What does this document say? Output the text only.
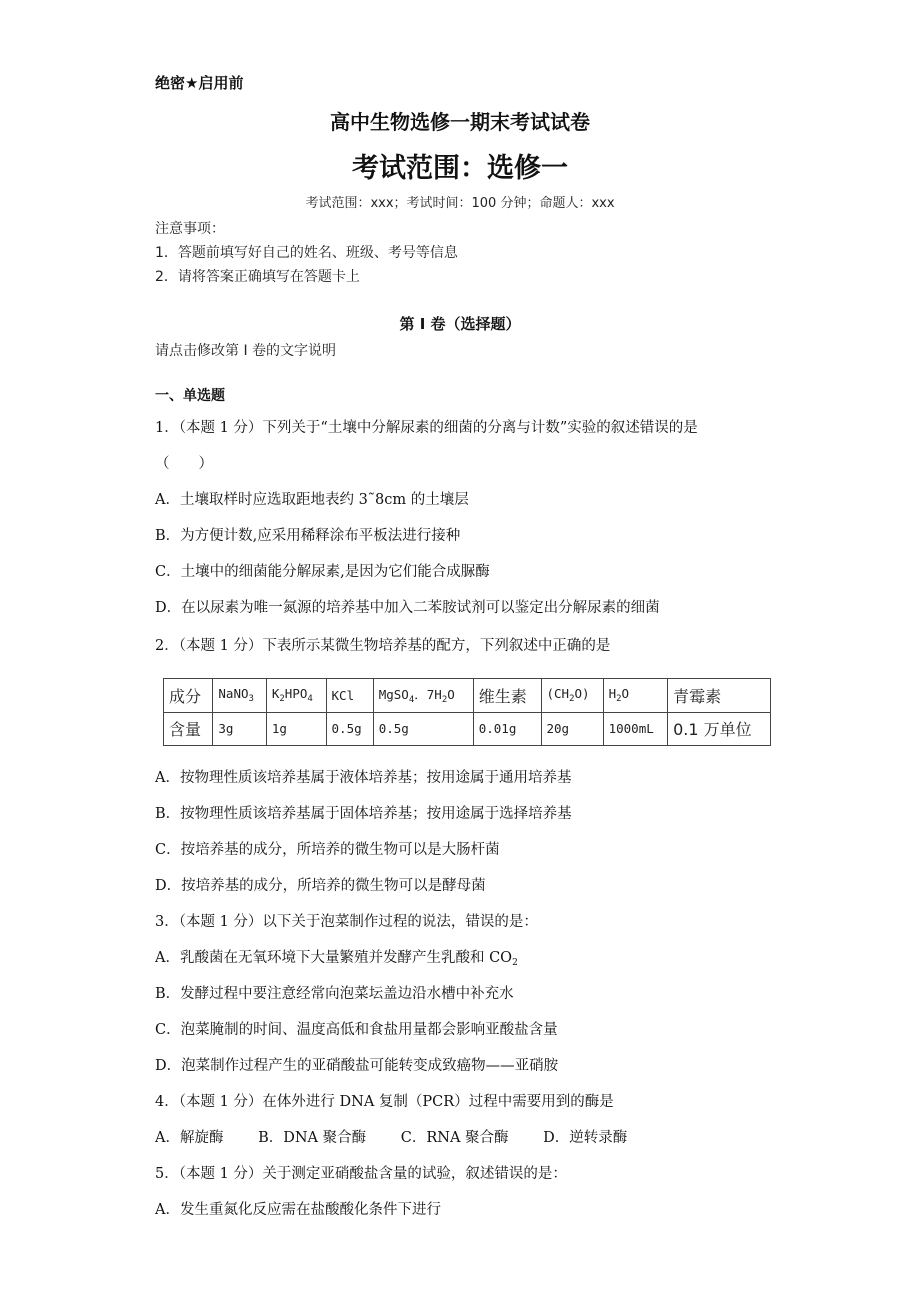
绝密★启用前
高中生物选修一期末考试试卷
考试范围：选修一
考试范围：xxx；考试时间：100 分钟；命题人：xxx
注意事项：
1．答题前填写好自己的姓名、班级、考号等信息
2．请将答案正确填写在答题卡上
第 I 卷（选择题）
请点击修改第 I 卷的文字说明
一、单选题
1．（本题 1 分）下列关于“土壤中分解尿素的细菌的分离与计数”实验的叙述错误的是
（　　）
A．土壤取样时应选取距地表约 3˜8cm 的土壤层
B．为方便计数,应采用稀释涂布平板法进行接种
C．土壤中的细菌能分解尿素,是因为它们能合成脲酶
D．在以尿素为唯一氮源的培养基中加入二苯胺试剂可以鉴定出分解尿素的细菌
2．（本题 1 分）下表所示某微生物培养基的配方，下列叙述中正确的是
成分	NaNO$_3$	$K_2HPO_4$	KCl	MgSO$_4$．$7H_2O$	维生素	$(CH_2O)$	$H_2O$	青霉素
含量	3g	1g	0.5g	0.5g	0.01g	20g	1000mL	0.1 万单位
A．按物理性质该培养基属于液体培养基；按用途属于通用培养基
B．按物理性质该培养基属于固体培养基；按用途属于选择培养基
C．按培养基的成分，所培养的微生物可以是大肠杆菌
D．按培养基的成分，所培养的微生物可以是酵母菌
3．（本题 1 分）以下关于泡菜制作过程的说法，错误的是：
A．乳酸菌在无氧环境下大量繁殖并发酵产生乳酸和 $CO_2$
B．发酵过程中要注意经常向泡菜坛盖边沿水槽中补充水
C．泡菜腌制的时间、温度高低和食盐用量都会影响亚酸盐含量
D．泡菜制作过程产生的亚硝酸盐可能转变成致癌物——亚硝胺
4．（本题 1 分）在体外进行 DNA 复制（PCR）过程中需要用到的酶是
A．解旋酶 B．DNA 聚合酶 C．RNA 聚合酶 D．逆转录酶
5．（本题 1 分）关于测定亚硝酸盐含量的试验，叙述错误的是：
A．发生重氮化反应需在盐酸酸化条件下进行
